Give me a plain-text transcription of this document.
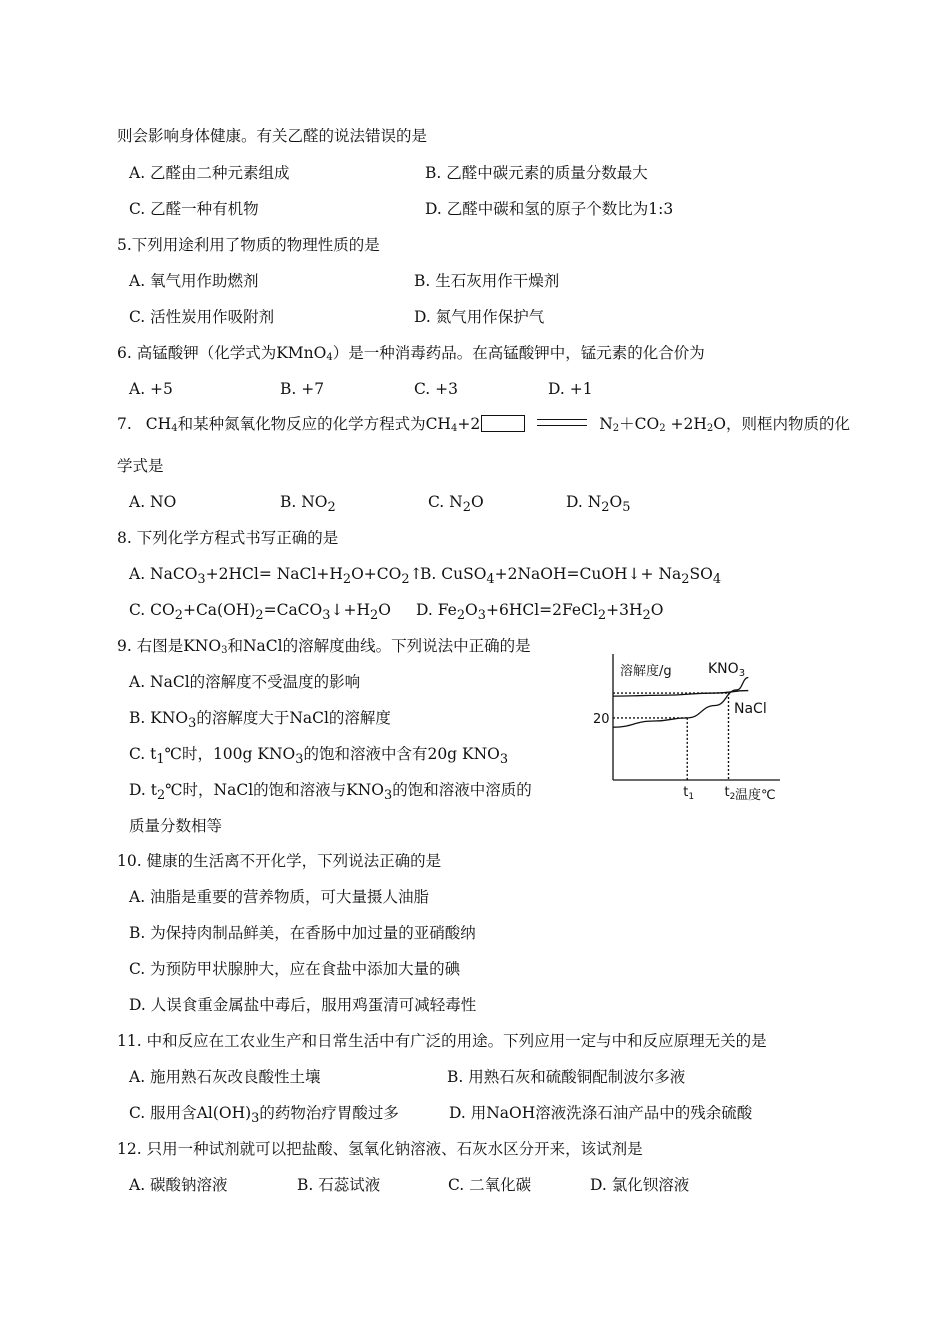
则会影响身体健康。有关乙醛的说法错误的是
A. 乙醛由二种元素组成	B. 乙醛中碳元素的质量分数最大
C. 乙醛一种有机物	D. 乙醛中碳和氢的原子个数比为1:3
5.下列用途利用了物质的物理性质的是
A. 氧气用作助燃剂	B. 生石灰用作干燥剂
C. 活性炭用作吸附剂	D. 氮气用作保护气
6. 高锰酸钾（化学式为KMnO$_4$）是一种消毒药品。在高锰酸钾中，锰元素的化合价为
A. +5	B. +7	C. +3	D. +1
7. $CH_4$和某种氮氧化物反应的化学方程式为$CH_4+2$	$N_2+CO_2 +2H_2O$，则框内物质的化
学式是
A. NO	B. $NO_2$	C. $N_2O$	D. $N_2O_5$
8. 下列化学方程式书写正确的是
A. NaCO$_3$+2HCl= $NaCl+H_2O+CO_2↑$
B. CuSO$_4$+2NaOH=CuOH↓+ $Na_2SO_4$
C. $CO_2+Ca(OH)_2=CaCO_3↓+H_2O$ D. $Fe_2O_3+6HCl=2FeCl_2+3H_2O$
9. 右图是$KNO_3$和NaCl的溶解度曲线。下列说法中正确的是
A. NaCl的溶解度不受温度的影响
B. $KNO_3$的溶解度大于NaCl的溶解度
C. $t_1℃$时，100g $KNO_3$的饱和溶液中含有20g $KNO_3$
D. $t_2℃$时，NaCl的饱和溶液与$KNO_3$的饱和溶液中溶质的
质量分数相等
溶解度/g
温度℃
$KNO_3$
NaCl
20
$t_1$ $t_2$
10. 健康的生活离不开化学，下列说法正确的是
A. 油脂是重要的营养物质，可大量摄人油脂
B. 为保持肉制品鲜美，在香肠中加过量的亚硝酸纳
C. 为预防甲状腺肿大，应在食盐中添加大量的碘
D. 人误食重金属盐中毒后，服用鸡蛋清可减轻毒性
11. 中和反应在工农业生产和日常生活中有广泛的用途。下列应用一定与中和反应原理无关的是
A. 施用熟石灰改良酸性土壤	B. 用熟石灰和硫酸铜配制波尔多液
C. 服用含$Al(OH)_3$的药物治疗胃酸过多	D. 用NaOH溶液洗涤石油产品中的残余硫酸
12. 只用一种试剂就可以把盐酸、氢氧化钠溶液、石灰水区分开来，该试剂是
A. 碳酸钠溶液	B. 石蕊试液	C. 二氧化碳	D. 氯化钡溶液
